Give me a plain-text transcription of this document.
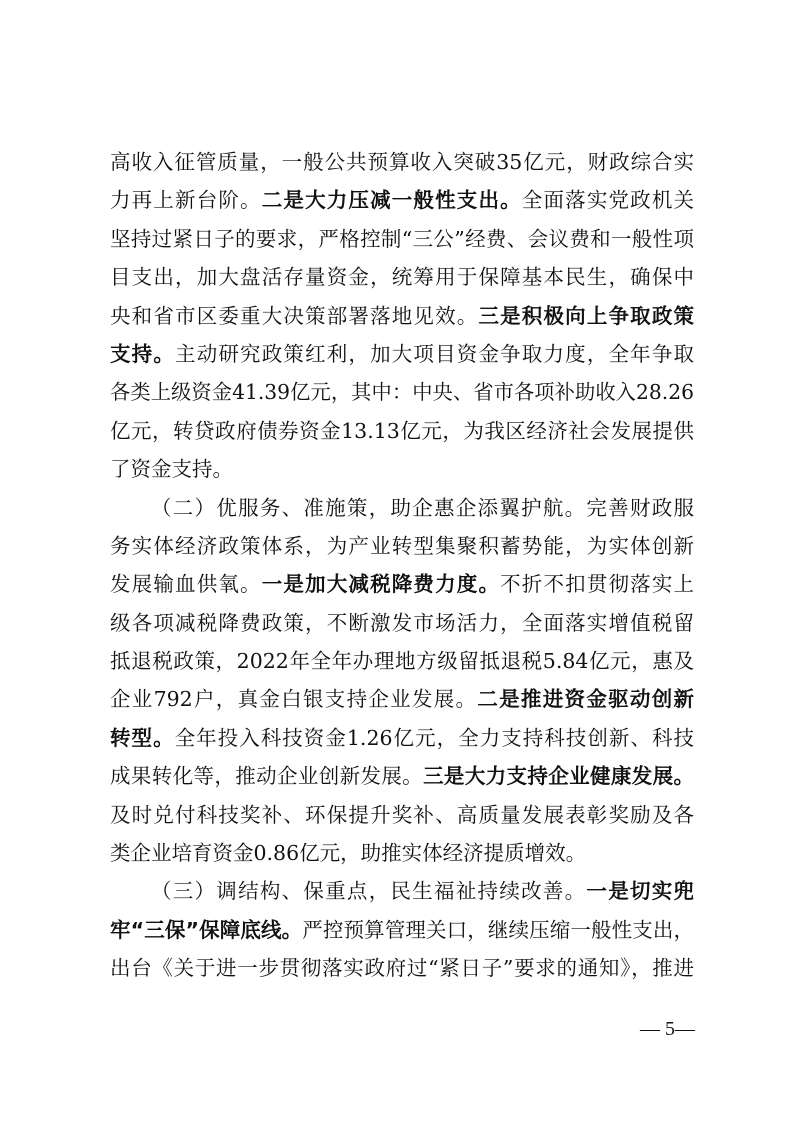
高收入征管质量，一般公共预算收入突破35亿元，财政综合实
力再上新台阶。二是大力压减一般性支出。全面落实党政机关
坚持过紧日子的要求，严格控制“三公”经费、会议费和一般性项
目支出，加大盘活存量资金，统筹用于保障基本民生，确保中
央和省市区委重大决策部署落地见效。三是积极向上争取政策
支持。主动研究政策红利，加大项目资金争取力度，全年争取
各类上级资金41.39亿元，其中：中央、省市各项补助收入28.26
亿元，转贷政府债券资金13.13亿元，为我区经济社会发展提供
了资金支持。
（二）优服务、准施策，助企惠企添翼护航。完善财政服
务实体经济政策体系，为产业转型集聚积蓄势能，为实体创新
发展输血供氧。一是加大减税降费力度。不折不扣贯彻落实上
级各项减税降费政策，不断激发市场活力，全面落实增值税留
抵退税政策，2022年全年办理地方级留抵退税5.84亿元，惠及
企业792户，真金白银支持企业发展。二是推进资金驱动创新
转型。全年投入科技资金1.26亿元，全力支持科技创新、科技
成果转化等，推动企业创新发展。三是大力支持企业健康发展。
及时兑付科技奖补、环保提升奖补、高质量发展表彰奖励及各
类企业培育资金0.86亿元，助推实体经济提质增效。
（三）调结构、保重点，民生福祉持续改善。一是切实兜
牢“三保”保障底线。严控预算管理关口，继续压缩一般性支出，
出台《关于进一步贯彻落实政府过“紧日子”要求的通知》，推进
— 5—
